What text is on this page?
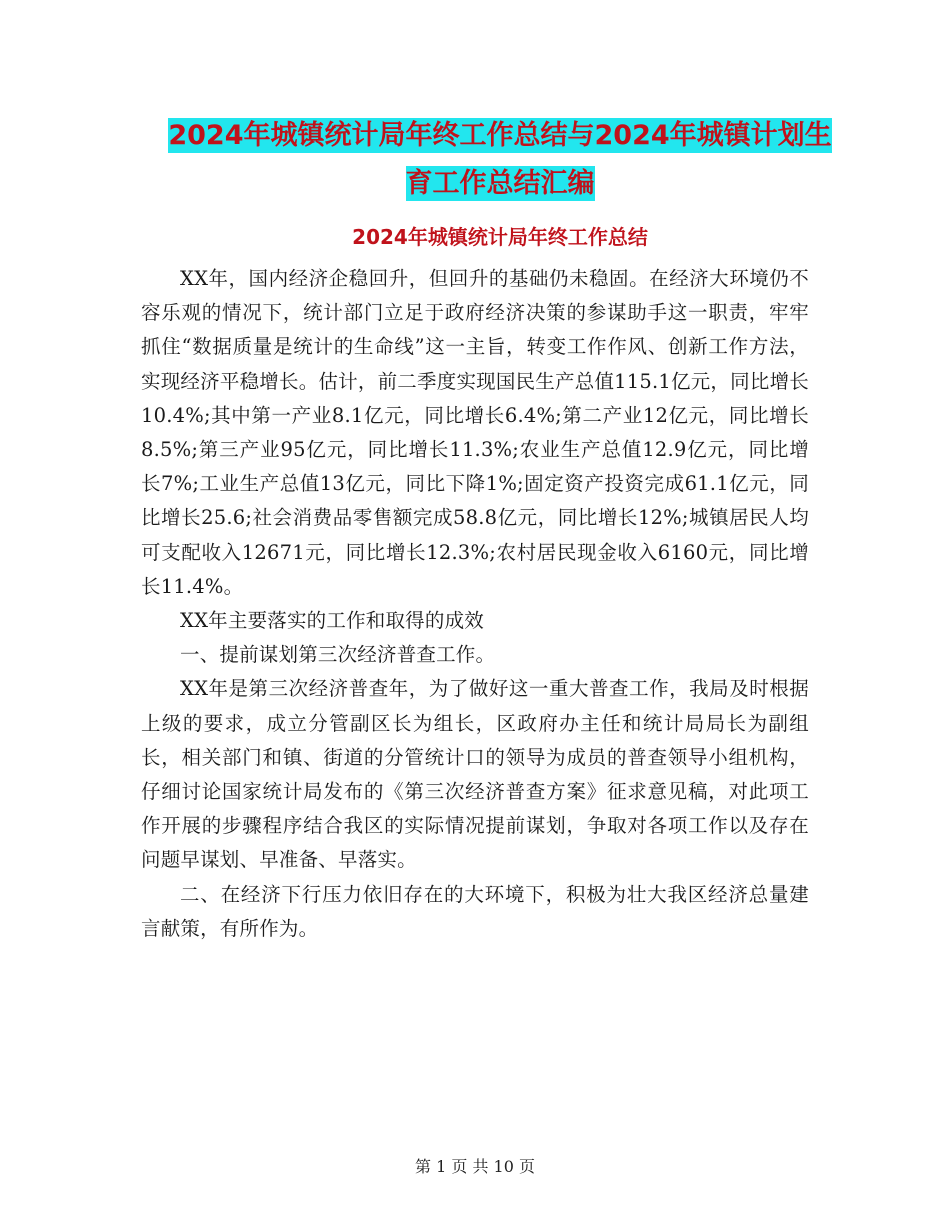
2024年城镇统计局年终工作总结与2024年城镇计划生
育工作总结汇编
2024年城镇统计局年终工作总结

XX年，国内经济企稳回升，但回升的基础仍未稳固。在经济大环境仍不容乐观的情况下，统计部门立足于政府经济决策的参谋助手这一职责，牢牢抓住“数据质量是统计的生命线”这一主旨，转变工作作风、创新工作方法，实现经济平稳增长。估计，前二季度实现国民生产总值115.1亿元，同比增长10.4%;其中第一产业8.1亿元，同比增长6.4%;第二产业12亿元，同比增长8.5%;第三产业95亿元，同比增长11.3%;农业生产总值12.9亿元，同比增长7%;工业生产总值13亿元，同比下降1%;固定资产投资完成61.1亿元，同比增长25.6;社会消费品零售额完成58.8亿元，同比增长12%;城镇居民人均可支配收入12671元，同比增长12.3%;农村居民现金收入6160元，同比增长11.4%。

XX年主要落实的工作和取得的成效

一、提前谋划第三次经济普查工作。

XX年是第三次经济普查年，为了做好这一重大普查工作，我局及时根据上级的要求，成立分管副区长为组长，区政府办主任和统计局局长为副组长，相关部门和镇、街道的分管统计口的领导为成员的普查领导小组机构，仔细讨论国家统计局发布的《第三次经济普查方案》征求意见稿，对此项工作开展的步骤程序结合我区的实际情况提前谋划，争取对各项工作以及存在问题早谋划、早准备、早落实。

二、在经济下行压力依旧存在的大环境下，积极为壮大我区经济总量建言献策，有所作为。

第 1 页 共 10 页
